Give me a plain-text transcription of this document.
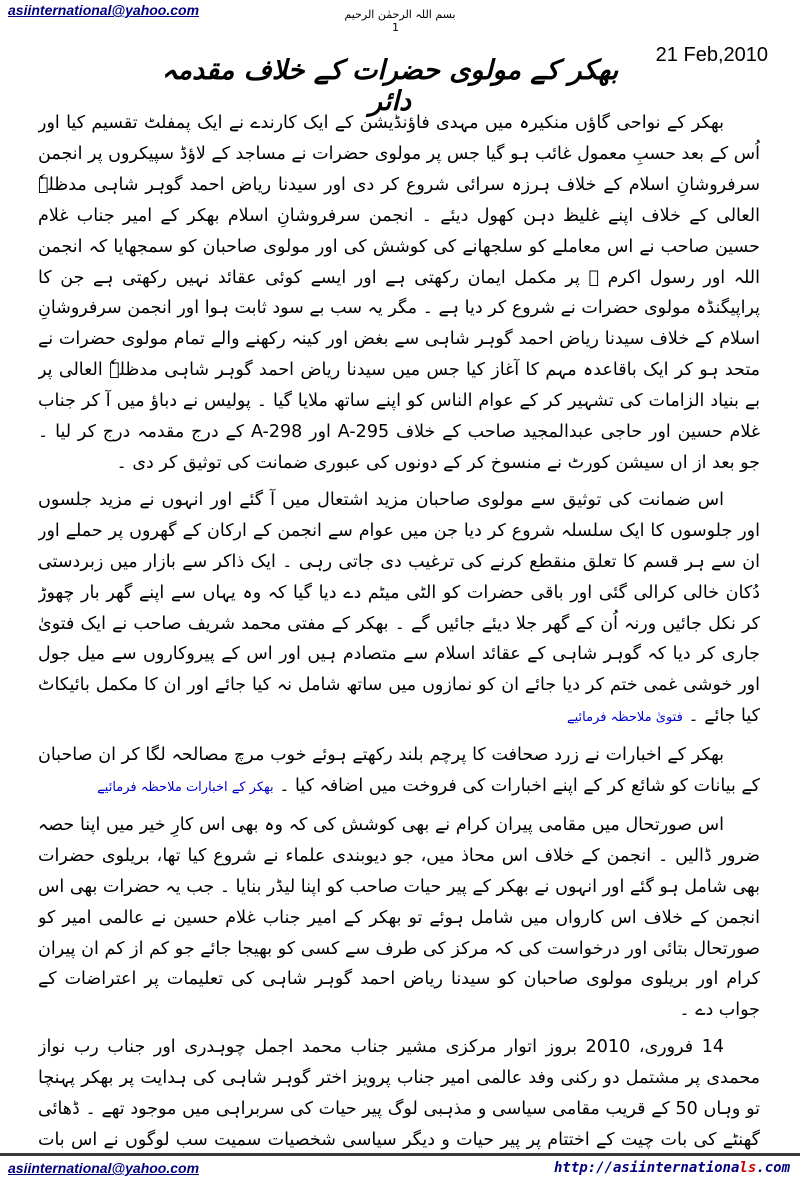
asiinternational@yahoo.com	بسم اللہ الرحمٰن الرحیم
1
21 Feb,2010
بھکر کے مولوی حضرات کے خلاف مقدمہ دائر

بھکر کے نواحی گاؤں منکیرہ میں مہدی فاؤنڈیشن کے ایک کارندے نے ایک پمفلٹ تقسیم کیا اور اُس کے بعد حسبِ معمول غائب ہو گیا جس پر مولوی حضرات نے مساجد کے لاؤڈ سپیکروں پر انجمن سرفروشانِ اسلام کے خلاف ہرزہ سرائی شروع کر دی اور سیدنا ریاض احمد گوہر شاہی مدظلہٗ العالی کے خلاف اپنے غلیظ دہن کھول دیئے ۔ انجمن سرفروشانِ اسلام بھکر کے امیر جناب غلام حسین صاحب نے اس معاملے کو سلجھانے کی کوشش کی اور مولوی صاحبان کو سمجھایا کہ انجمن اللہ اور رسول اکرم ﷺ پر مکمل ایمان رکھتی ہے اور ایسے کوئی عقائد نہیں رکھتی ہے جن کا پراپیگنڈہ مولوی حضرات نے شروع کر دیا ہے ۔ مگر یہ سب بے سود ثابت ہوا اور انجمن سرفروشانِ اسلام کے خلاف سیدنا ریاض احمد گوہر شاہی سے بغض اور کینہ رکھنے والے تمام مولوی حضرات نے متحد ہو کر ایک باقاعدہ مہم کا آغاز کیا جس میں سیدنا ریاض احمد گوہر شاہی مدظلہٗ العالی پر بے بنیاد الزامات کی تشہیر کر کے عوام الناس کو اپنے ساتھ ملایا گیا ۔ پولیس نے دباؤ میں آ کر جناب غلام حسین اور حاجی عبدالمجید صاحب کے خلاف A-295 اور A-298 کے درج مقدمہ درج کر لیا ۔ جو بعد از اں سیشن کورٹ نے منسوخ کر کے دونوں کی عبوری ضمانت کی توثیق کر دی ۔

اس ضمانت کی توثیق سے مولوی صاحبان مزید اشتعال میں آ گئے اور انہوں نے مزید جلسوں اور جلوسوں کا ایک سلسلہ شروع کر دیا جن میں عوام سے انجمن کے ارکان کے گھروں پر حملے اور ان سے ہر قسم کا تعلق منقطع کرنے کی ترغیب دی جاتی رہی ۔ ایک ذاکر سے بازار میں زبردستی دُکان خالی کرالی گئی اور باقی حضرات کو الٹی میٹم دے دیا گیا کہ وہ یہاں سے اپنے گھر بار چھوڑ کر نکل جائیں ورنہ اُن کے گھر جلا دیئے جائیں گے ۔ بھکر کے مفتی محمد شریف صاحب نے ایک فتویٰ جاری کر دیا کہ گوہر شاہی کے عقائد اسلام سے متصادم ہیں اور اس کے پیروکاروں سے میل جول اور خوشی غمی ختم کر دیا جائے ان کو نمازوں میں ساتھ شامل نہ کیا جائے اور ان کا مکمل بائیکاٹ کیا جائے ۔ فتویٰ ملاحظہ فرمائیے

بھکر کے اخبارات نے زرد صحافت کا پرچم بلند رکھتے ہوئے خوب مرچ مصالحہ لگا کر ان صاحبان کے بیانات کو شائع کر کے اپنے اخبارات کی فروخت میں اضافہ کیا ۔ بھکر کے اخبارات ملاحظہ فرمائیے

اس صورتحال میں مقامی پیران کرام نے بھی کوشش کی کہ وہ بھی اس کارِ خیر میں اپنا حصہ ضرور ڈالیں ۔ انجمن کے خلاف اس محاذ میں، جو دیوبندی علماء نے شروع کیا تھا، بریلوی حضرات بھی شامل ہو گئے اور انہوں نے بھکر کے پیر حیات صاحب کو اپنا لیڈر بنایا ۔ جب یہ حضرات بھی اس انجمن کے خلاف اس کارواں میں شامل ہوئے تو بھکر کے امیر جناب غلام حسین نے عالمی امیر کو صورتحال بتائی اور درخواست کی کہ مرکز کی طرف سے کسی کو بھیجا جائے جو کم از کم ان پیران کرام اور بریلوی مولوی صاحبان کو سیدنا ریاض احمد گوہر شاہی کی تعلیمات پر اعتراضات کے جواب دے ۔

14 فروری، 2010 بروز اتوار مرکزی مشیر جناب محمد اجمل چوہدری اور جناب رب نواز محمدی پر مشتمل دو رکنی وفد عالمی امیر جناب پرویز اختر گوہر شاہی کی ہدایت پر بھکر پہنچا تو وہاں 50 کے قریب مقامی سیاسی و مذہبی لوگ پیر حیات کی سربراہی میں موجود تھے ۔ ڈھائی گھنٹے کی بات چیت کے اختتام پر پیر حیات و دیگر سیاسی شخصیات سمیت سب لوگوں نے اس بات

asiinternational@yahoo.com	http://asiinternationals.com
